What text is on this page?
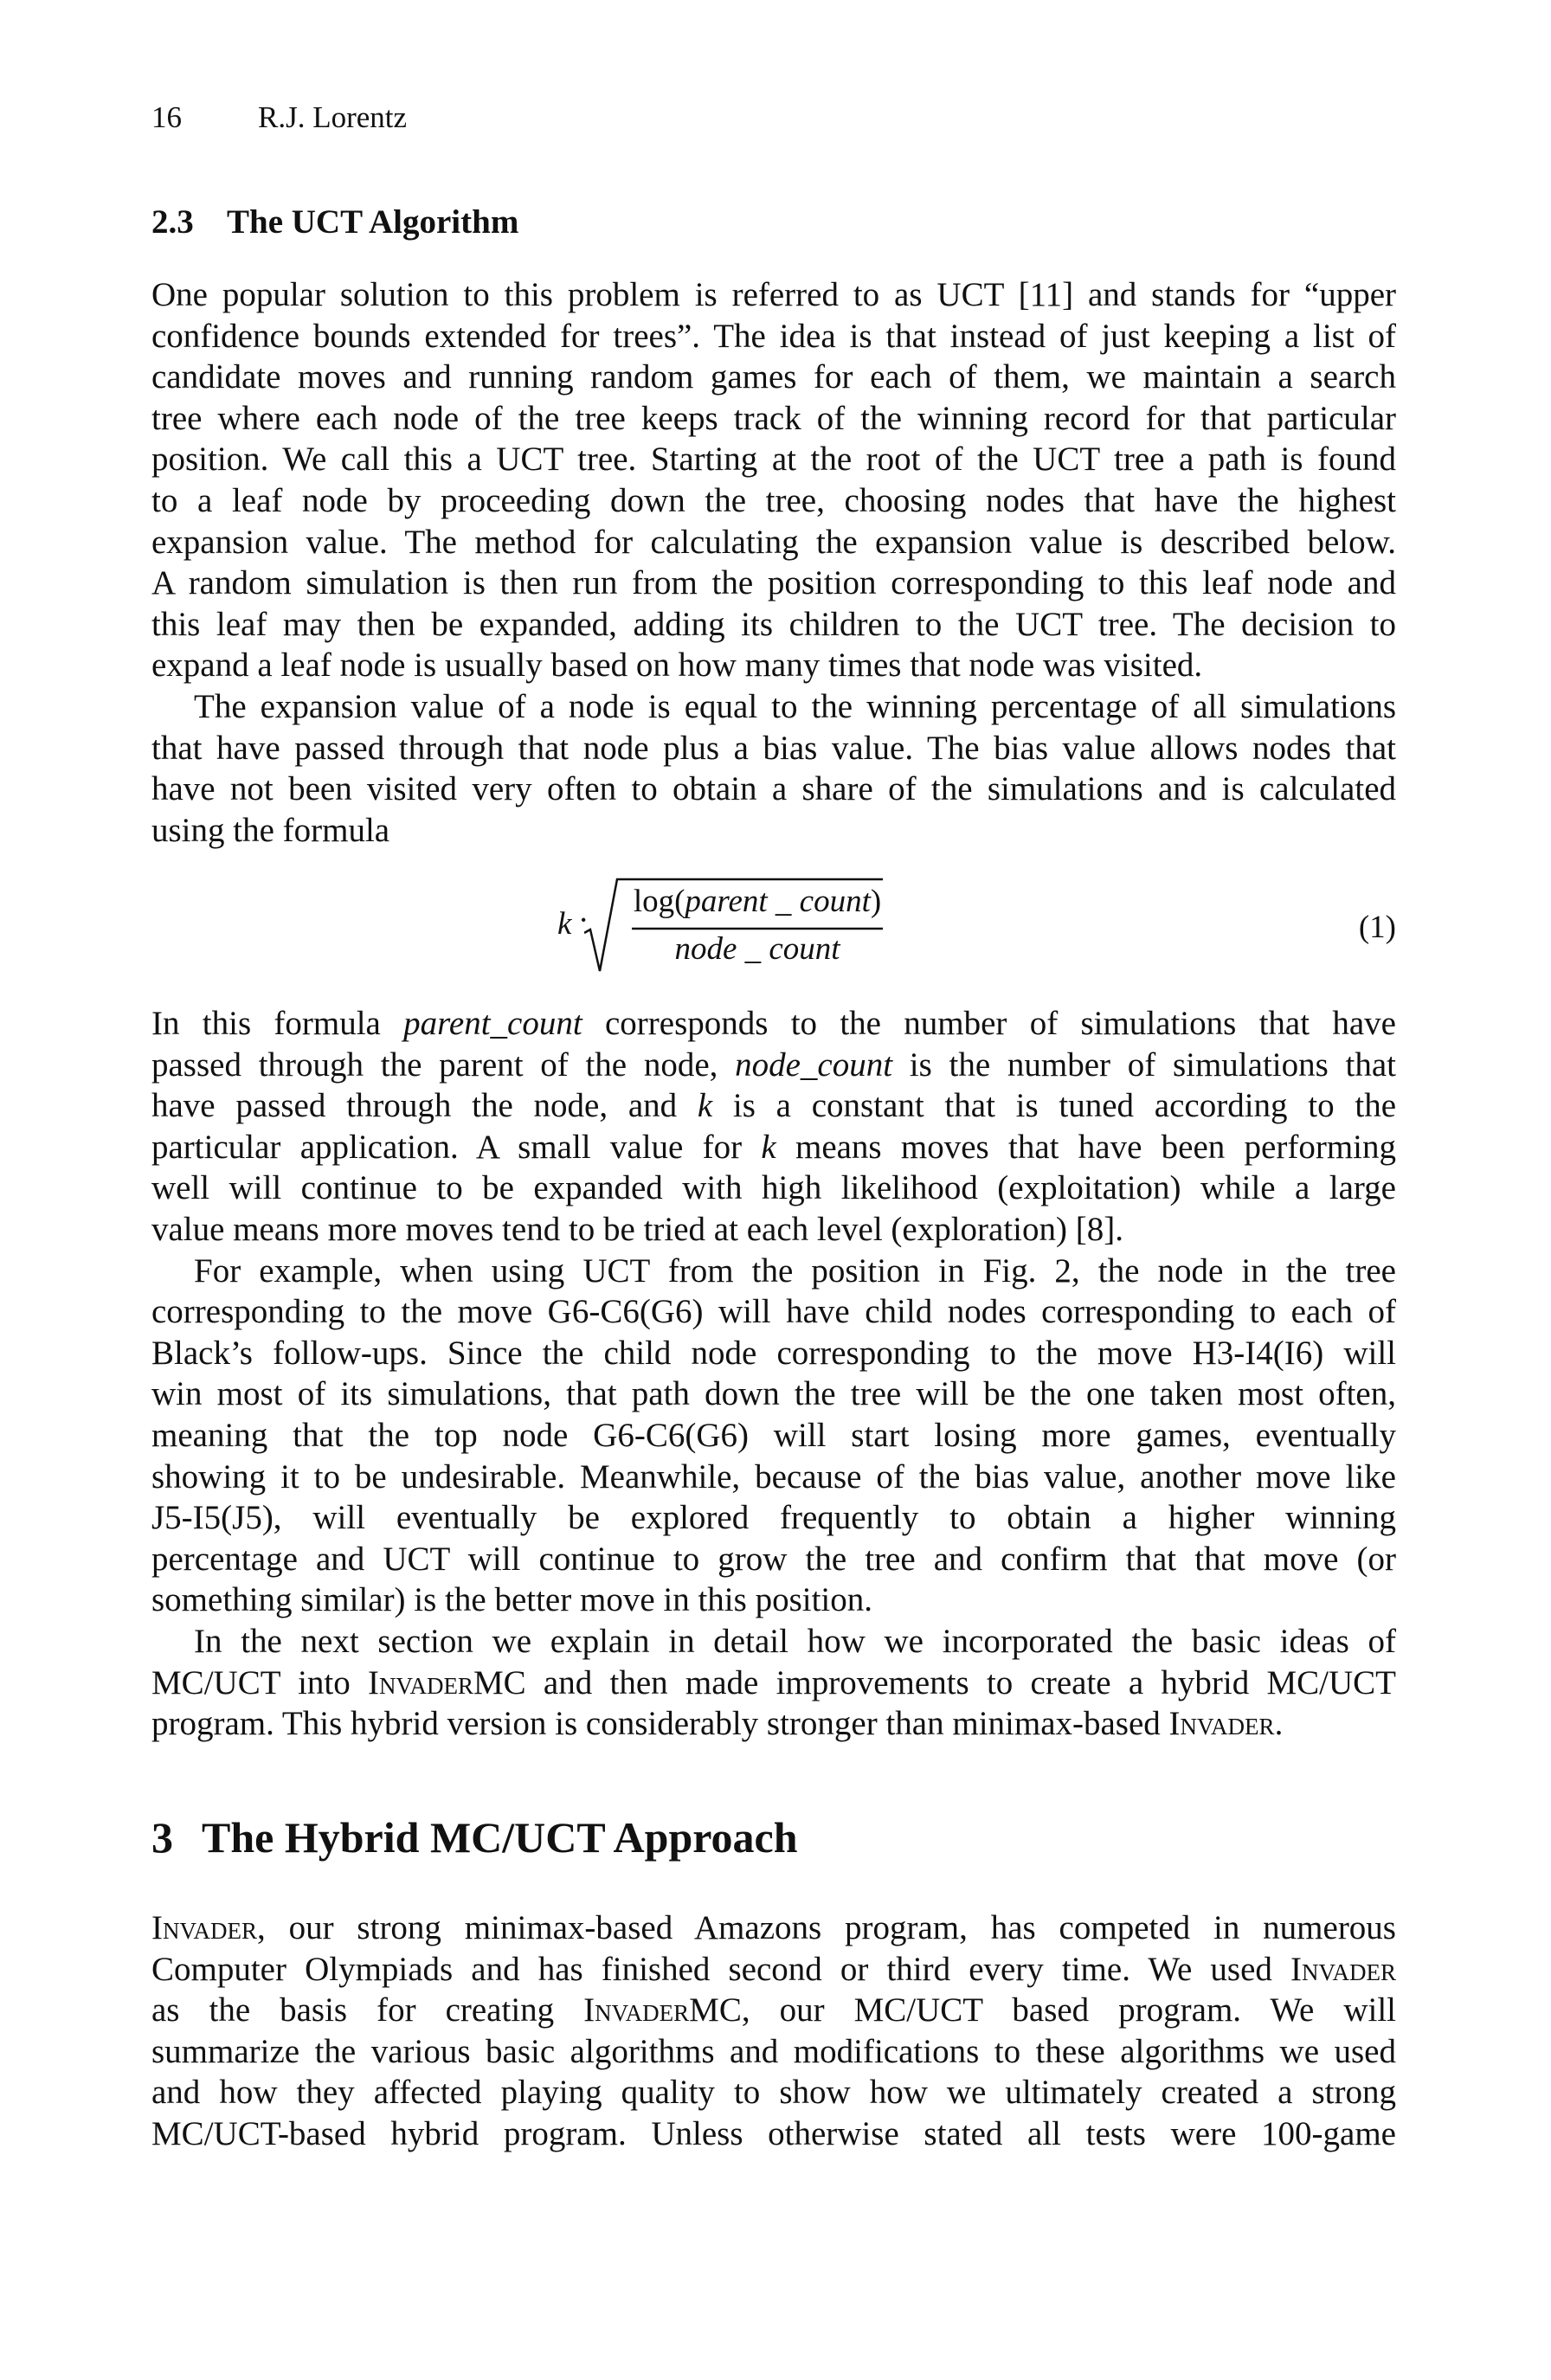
16	R.J. Lorentz
2.3 The UCT Algorithm
One popular solution to this problem is referred to as UCT [11] and stands for “upper
confidence bounds extended for trees”. The idea is that instead of just keeping a list of
candidate moves and running random games for each of them, we maintain a search
tree where each node of the tree keeps track of the winning record for that particular
position. We call this a UCT tree. Starting at the root of the UCT tree a path is found
to a leaf node by proceeding down the tree, choosing nodes that have the highest
expansion value. The method for calculating the expansion value is described below.
A random simulation is then run from the position corresponding to this leaf node and
this leaf may then be expanded, adding its children to the UCT tree. The decision to
expand a leaf node is usually based on how many times that node was visited.
The expansion value of a node is equal to the winning percentage of all simulations
that have passed through that node plus a bias value. The bias value allows nodes that
have not been visited very often to obtain a share of the simulations and is calculated
using the formula
k ·
log(parent _ count)
node _ count
(1)
In this formula parent_count corresponds to the number of simulations that have
passed through the parent of the node, node_count is the number of simulations that
have passed through the node, and k is a constant that is tuned according to the
particular application. A small value for k means moves that have been performing
well will continue to be expanded with high likelihood (exploitation) while a large
value means more moves tend to be tried at each level (exploration) [8].
For example, when using UCT from the position in Fig. 2, the node in the tree
corresponding to the move G6-C6(G6) will have child nodes corresponding to each of
Black’s follow-ups. Since the child node corresponding to the move H3-I4(I6) will
win most of its simulations, that path down the tree will be the one taken most often,
meaning that the top node G6-C6(G6) will start losing more games, eventually
showing it to be undesirable. Meanwhile, because of the bias value, another move like
J5-I5(J5), will eventually be explored frequently to obtain a higher winning
percentage and UCT will continue to grow the tree and confirm that that move (or
something similar) is the better move in this position.
In the next section we explain in detail how we incorporated the basic ideas of
MC/UCT into InvaderMC and then made improvements to create a hybrid MC/UCT
program. This hybrid version is considerably stronger than minimax-based Invader.
3 The Hybrid MC/UCT Approach
Invader, our strong minimax-based Amazons program, has competed in numerous
Computer Olympiads and has finished second or third every time. We used Invader
as the basis for creating InvaderMC, our MC/UCT based program. We will
summarize the various basic algorithms and modifications to these algorithms we used
and how they affected playing quality to show how we ultimately created a strong
MC/UCT-based hybrid program. Unless otherwise stated all tests were 100-game
